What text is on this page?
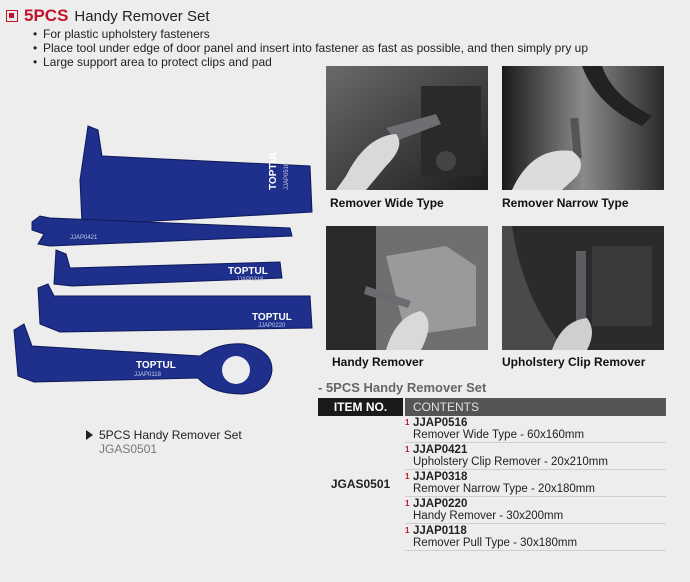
5PCS Handy Remover Set
• For plastic upholstery fasteners
• Place tool under edge of door panel and insert into fastener as fast as possible, and then simply pry up
• Large support area to protect clips and pad
Remover Wide Type	Remover Narrow Type
Handy Remover	Upholstery Clip Remover
TOPTUL
TOPTUL
TOPTUL
TOPTUL
JJAP0516
JJAP0421
JJAP0318
JJAP0220
JJAP0118
5PCS Handy Remover Set
JGAS0501
- 5PCS Handy Remover Set
ITEM NO.	CONTENTS
JGAS0501
1 JJAP0516
Remover Wide Type - 60x160mm
1 JJAP0421
Upholstery Clip Remover - 20x210mm
1 JJAP0318
Remover Narrow Type - 20x180mm
1 JJAP0220
Handy Remover - 30x200mm
1 JJAP0118
Remover Pull Type - 30x180mm
